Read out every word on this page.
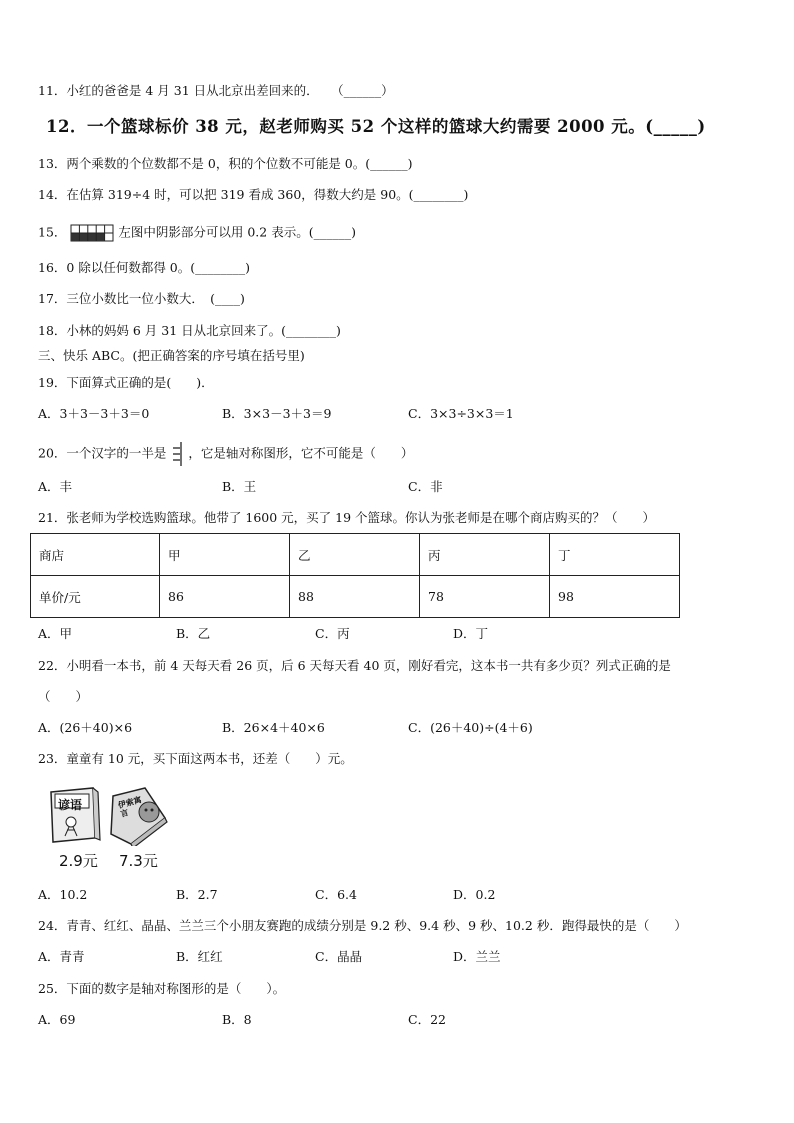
11．小红的爸爸是 4 月 31 日从北京出差回来的．　　（______）
12．一个篮球标价 38 元，赵老师购买 52 个这样的篮球大约需要 2000 元。(_____)
13．两个乘数的个位数都不是 0，积的个位数不可能是 0。(______)
14．在估算 319÷4 时，可以把 319 看成 360，得数大约是 90。(________)
15．	左图中阴影部分可以用 0.2 表示。(______)
16．0 除以任何数都得 0。(________)
17．三位小数比一位小数大．　(____)
18．小林的妈妈 6 月 31 日从北京回来了。(________)
三、快乐 ABC。(把正确答案的序号填在括号里)
19．下面算式正确的是(　　)．
A．3＋3－3＋3＝0	B．3×3－3＋3＝9	C．3×3÷3×3＝1
20．一个汉字的一半是 ，它是轴对称图形，它不可能是（　　）
A．丰	B．王	C．非
21．张老师为学校选购篮球。他带了 1600 元，买了 19 个篮球。你认为张老师是在哪个商店购买的？（　　）
商店	甲	乙	丙	丁
单价/元	86	88	78	98
A．甲	B．乙	C．丙	D．丁
22．小明看一本书，前 4 天每天看 26 页，后 6 天每天看 40 页，刚好看完，这本书一共有多少页？列式正确的是
（　　）
A．(26＋40)×6	B．26×4＋40×6	C．(26＋40)÷(4＋6)
23．童童有 10 元，买下面这两本书，还差（　　）元。
谚语	伊索寓言
2.9元 7.3元
A．10.2	B．2.7	C．6.4	D．0.2
24．青青、红红、晶晶、兰兰三个小朋友赛跑的成绩分别是 9.2 秒、9.4 秒、9 秒、10.2 秒．跑得最快的是（　　）
A．青青	B．红红	C．晶晶	D．兰兰
25．下面的数字是轴对称图形的是（　　）。
A．69	B．8	C．22
